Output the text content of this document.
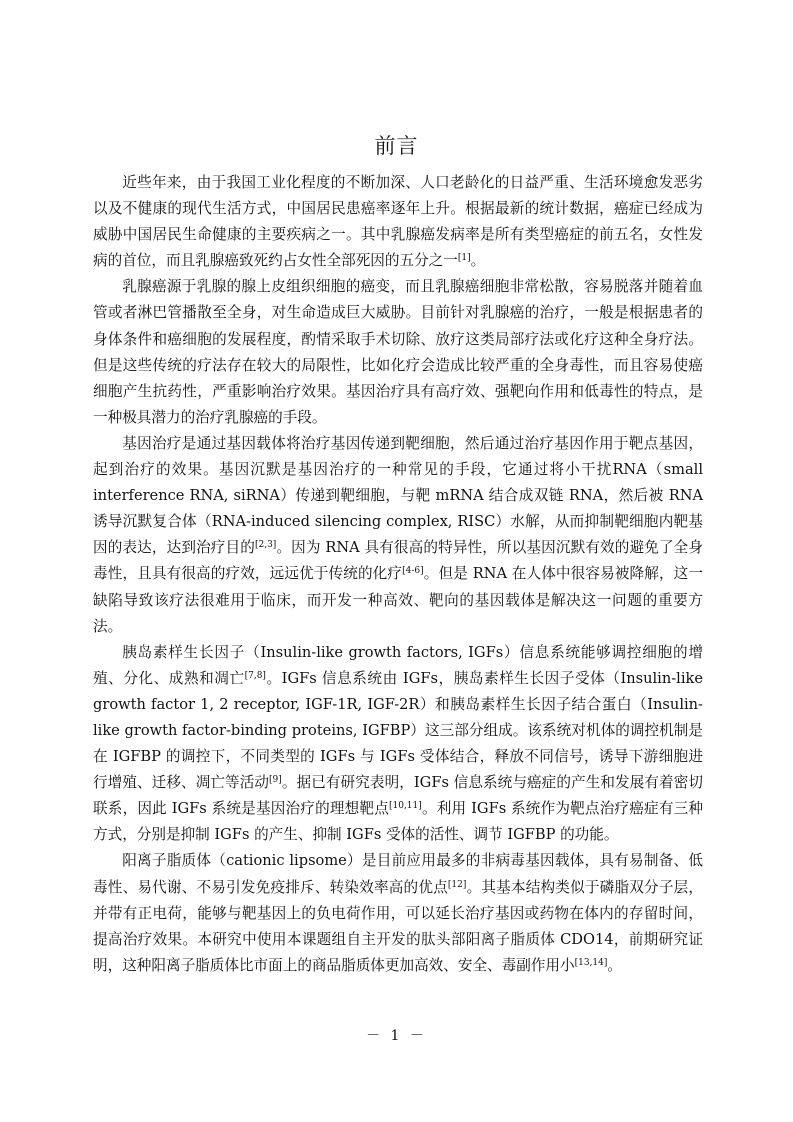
前言

近些年来，由于我国工业化程度的不断加深、人口老龄化的日益严重、生活环境愈发恶劣以及不健康的现代生活方式，中国居民患癌率逐年上升。根据最新的统计数据，癌症已经成为威胁中国居民生命健康的主要疾病之一。其中乳腺癌发病率是所有类型癌症的前五名，女性发病的首位，而且乳腺癌致死约占女性全部死因的五分之一[1]。

乳腺癌源于乳腺的腺上皮组织细胞的癌变，而且乳腺癌细胞非常松散，容易脱落并随着血管或者淋巴管播散至全身，对生命造成巨大威胁。目前针对乳腺癌的治疗，一般是根据患者的身体条件和癌细胞的发展程度，酌情采取手术切除、放疗这类局部疗法或化疗这种全身疗法。但是这些传统的疗法存在较大的局限性，比如化疗会造成比较严重的全身毒性，而且容易使癌细胞产生抗药性，严重影响治疗效果。基因治疗具有高疗效、强靶向作用和低毒性的特点，是一种极具潜力的治疗乳腺癌的手段。

基因治疗是通过基因载体将治疗基因传递到靶细胞，然后通过治疗基因作用于靶点基因，起到治疗的效果。基因沉默是基因治疗的一种常见的手段，它通过将小干扰RNA（small interference RNA, siRNA）传递到靶细胞，与靶 mRNA 结合成双链 RNA，然后被 RNA 诱导沉默复合体（RNA-induced silencing complex, RISC）水解，从而抑制靶细胞内靶基因的表达，达到治疗目的[2,3]。因为 RNA 具有很高的特异性，所以基因沉默有效的避免了全身毒性，且具有很高的疗效，远远优于传统的化疗[4-6]。但是 RNA 在人体中很容易被降解，这一缺陷导致该疗法很难用于临床，而开发一种高效、靶向的基因载体是解决这一问题的重要方法。

胰岛素样生长因子（Insulin-like growth factors, IGFs）信息系统能够调控细胞的增殖、分化、成熟和凋亡[7,8]。IGFs 信息系统由 IGFs，胰岛素样生长因子受体（Insulin-like growth factor 1, 2 receptor, IGF-1R, IGF-2R）和胰岛素样生长因子结合蛋白（Insulin-like growth factor-binding proteins, IGFBP）这三部分组成。该系统对机体的调控机制是在 IGFBP 的调控下，不同类型的 IGFs 与 IGFs 受体结合，释放不同信号，诱导下游细胞进行增殖、迁移、凋亡等活动[9]。据已有研究表明，IGFs 信息系统与癌症的产生和发展有着密切联系，因此 IGFs 系统是基因治疗的理想靶点[10,11]。利用 IGFs 系统作为靶点治疗癌症有三种方式，分别是抑制 IGFs 的产生、抑制 IGFs 受体的活性、调节 IGFBP 的功能。

阳离子脂质体（cationic lipsome）是目前应用最多的非病毒基因载体，具有易制备、低毒性、易代谢、不易引发免疫排斥、转染效率高的优点[12]。其基本结构类似于磷脂双分子层，并带有正电荷，能够与靶基因上的负电荷作用，可以延长治疗基因或药物在体内的存留时间，提高治疗效果。本研究中使用本课题组自主开发的肽头部阳离子脂质体 CDO14，前期研究证明，这种阳离子脂质体比市面上的商品脂质体更加高效、安全、毒副作用小[13,14]。

－ 1 －
